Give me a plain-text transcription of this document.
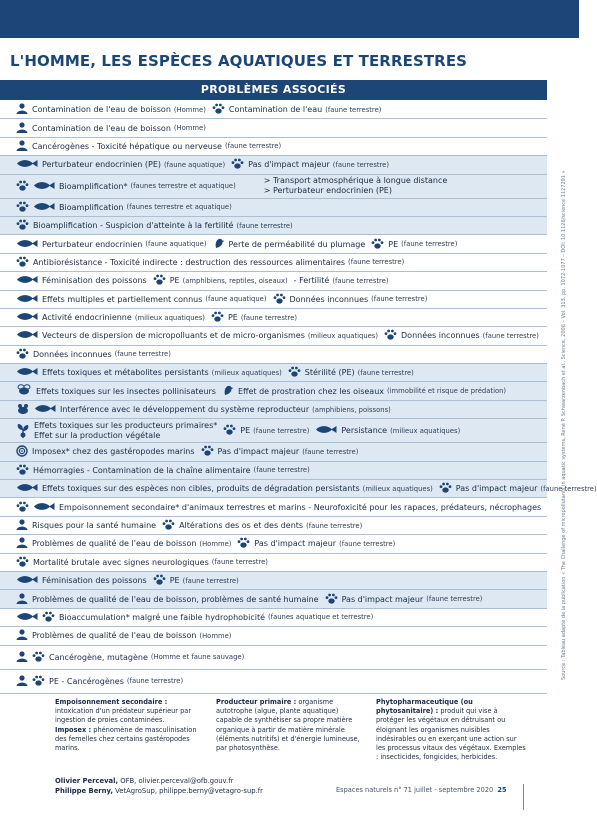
L'HOMME, LES ESPÈCES AQUATIQUES ET TERRESTRES
PROBLÈMES ASSOCIÉS
Contamination de l'eau de boisson (Homme)	Contamination de l'eau (faune terrestre)
Contamination de l'eau de boisson (Homme)
Cancérogènes - Toxicité hépatique ou nerveuse (faune terrestre)
Perturbateur endocrinien (PE) (faune aquatique)	Pas d'impact majeur (faune terrestre)
Bioamplification* (faunes terrestre et aquatique)
> Transport atmosphérique à longue distance
> Perturbateur endocrinien (PE)
Bioamplification (faunes terrestre et aquatique)
Bioamplification - Suspicion d'atteinte à la fertilité (faune terrestre)
Perturbateur endocrinien (faune aquatique)	Perte de perméabilité du plumage	PE (faune terrestre)
Antibiorésistance - Toxicité indirecte : destruction des ressources alimentaires (faune terrestre)
Féminisation des poissons	PE (amphibiens, reptiles, oiseaux) - Fertilité (faune terrestre)
Effets multiples et partiellement connus (faune aquatique)	Données inconnues (faune terrestre)
Activité endocrinienne (milieux aquatiques)	PE (faune terrestre)
Vecteurs de dispersion de micropolluants et de micro-organismes (milieux aquatiques)	Données inconnues (faune terrestre)
Données inconnues (faune terrestre)
Effets toxiques et métabolites persistants (milieux aquatiques)	Stérilité (PE) (faune terrestre)
Effets toxiques sur les insectes pollinisateurs	Effet de prostration chez les oiseaux (immobilité et risque de prédation)
Interférence avec le développement du système reproducteur (amphibiens, poissons)
Effets toxiques sur les producteurs primaires*
Effet sur la production végétale	PE (faune terrestre)	Persistance (milieux aquatiques)
Imposex* chez des gastéropodes marins	Pas d'impact majeur (faune terrestre)
Hémorragies - Contamination de la chaîne alimentaire (faune terrestre)
Effets toxiques sur des espèces non cibles, produits de dégradation persistants (milieux aquatiques)	Pas d'impact majeur (faune terrestre)
Empoisonnement secondaire* d'animaux terrestres et marins - Neurofoxicité pour les rapaces, prédateurs, nécrophages
Risques pour la santé humaine	Altérations des os et des dents (faune terrestre)
Problèmes de qualité de l'eau de boisson (Homme)	Pas d'impact majeur (faune terrestre)
Mortalité brutale avec signes neurologiques (faune terrestre)
Féminisation des poissons	PE (faune terrestre)
Problèmes de qualité de l'eau de boisson, problèmes de santé humaine	Pas d'impact majeur (faune terrestre)
Bioaccumulation* malgré une faible hydrophobicité (faunes aquatique et terrestre)
Problèmes de qualité de l'eau de boisson (Homme)
Cancérogène, mutagène (Homme et faune sauvage)
PE - Cancérogènes (faune terrestre)
Source : Tableau adapté de la publication « The Challenge of micropollutants in aquatic systems, René P. Schwarzenbach et al., Science, 2006 – Vol. 313, pp. 1072-1077 – DOI: 10.1126/science.1127291 »
Empoisonnement secondaire : intoxication d'un prédateur supérieur par ingestion de proies contaminées.
Imposex : phénomène de masculinisation des femelles chez certains gastéropodes marins.
Producteur primaire : organisme autotrophe (algue, plante aquatique) capable de synthétiser sa propre matière organique à partir de matière minérale (éléments nutritifs) et d'énergie lumineuse, par photosynthèse.
Phytopharmaceutique (ou phytosanitaire) : produit qui vise à protéger les végétaux en détruisant ou éloignant les organismes nuisibles indésirables ou en exerçant une action sur les processus vitaux des végétaux. Exemples : insecticides, fongicides, herbicides.
Olivier Perceval, OFB, olivier.perceval@ofb.gouv.fr
Philippe Berny, VetAgroSup, philippe.berny@vetagro-sup.fr	Espaces naturels n° 71 juillet - septembre 2020 25
